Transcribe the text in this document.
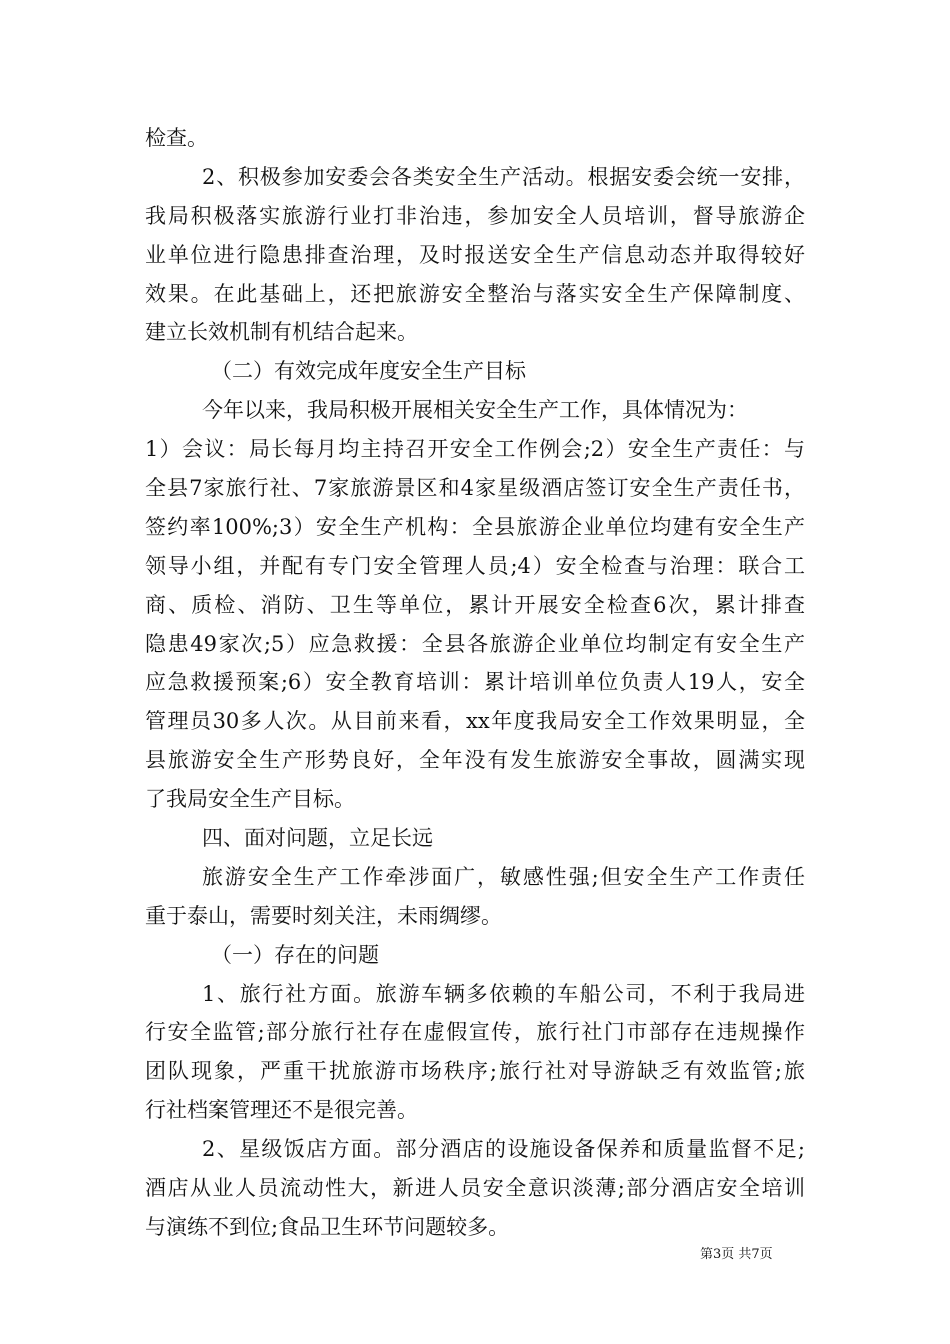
检查。
2、积极参加安委会各类安全生产活动。根据安委会统一安排，
我局积极落实旅游行业打非治违，参加安全人员培训，督导旅游企
业单位进行隐患排查治理，及时报送安全生产信息动态并取得较好
效果。在此基础上，还把旅游安全整治与落实安全生产保障制度、
建立长效机制有机结合起来。
（二）有效完成年度安全生产目标
今年以来，我局积极开展相关安全生产工作，具体情况为：
1）会议：局长每月均主持召开安全工作例会;2）安全生产责任：与
全县7家旅行社、7家旅游景区和4家星级酒店签订安全生产责任书，
签约率100%;3）安全生产机构：全县旅游企业单位均建有安全生产
领导小组，并配有专门安全管理人员;4）安全检查与治理：联合工
商、质检、消防、卫生等单位，累计开展安全检查6次，累计排查
隐患49家次;5）应急救援：全县各旅游企业单位均制定有安全生产
应急救援预案;6）安全教育培训：累计培训单位负责人19人，安全
管理员30多人次。从目前来看，xx年度我局安全工作效果明显，全
县旅游安全生产形势良好，全年没有发生旅游安全事故，圆满实现
了我局安全生产目标。
四、面对问题，立足长远
旅游安全生产工作牵涉面广，敏感性强;但安全生产工作责任
重于泰山，需要时刻关注，未雨绸缪。
（一）存在的问题
1、旅行社方面。旅游车辆多依赖的车船公司，不利于我局进
行安全监管;部分旅行社存在虚假宣传，旅行社门市部存在违规操作
团队现象，严重干扰旅游市场秩序;旅行社对导游缺乏有效监管;旅
行社档案管理还不是很完善。
2、星级饭店方面。部分酒店的设施设备保养和质量监督不足;
酒店从业人员流动性大，新进人员安全意识淡薄;部分酒店安全培训
与演练不到位;食品卫生环节问题较多。
第3页 共7页
